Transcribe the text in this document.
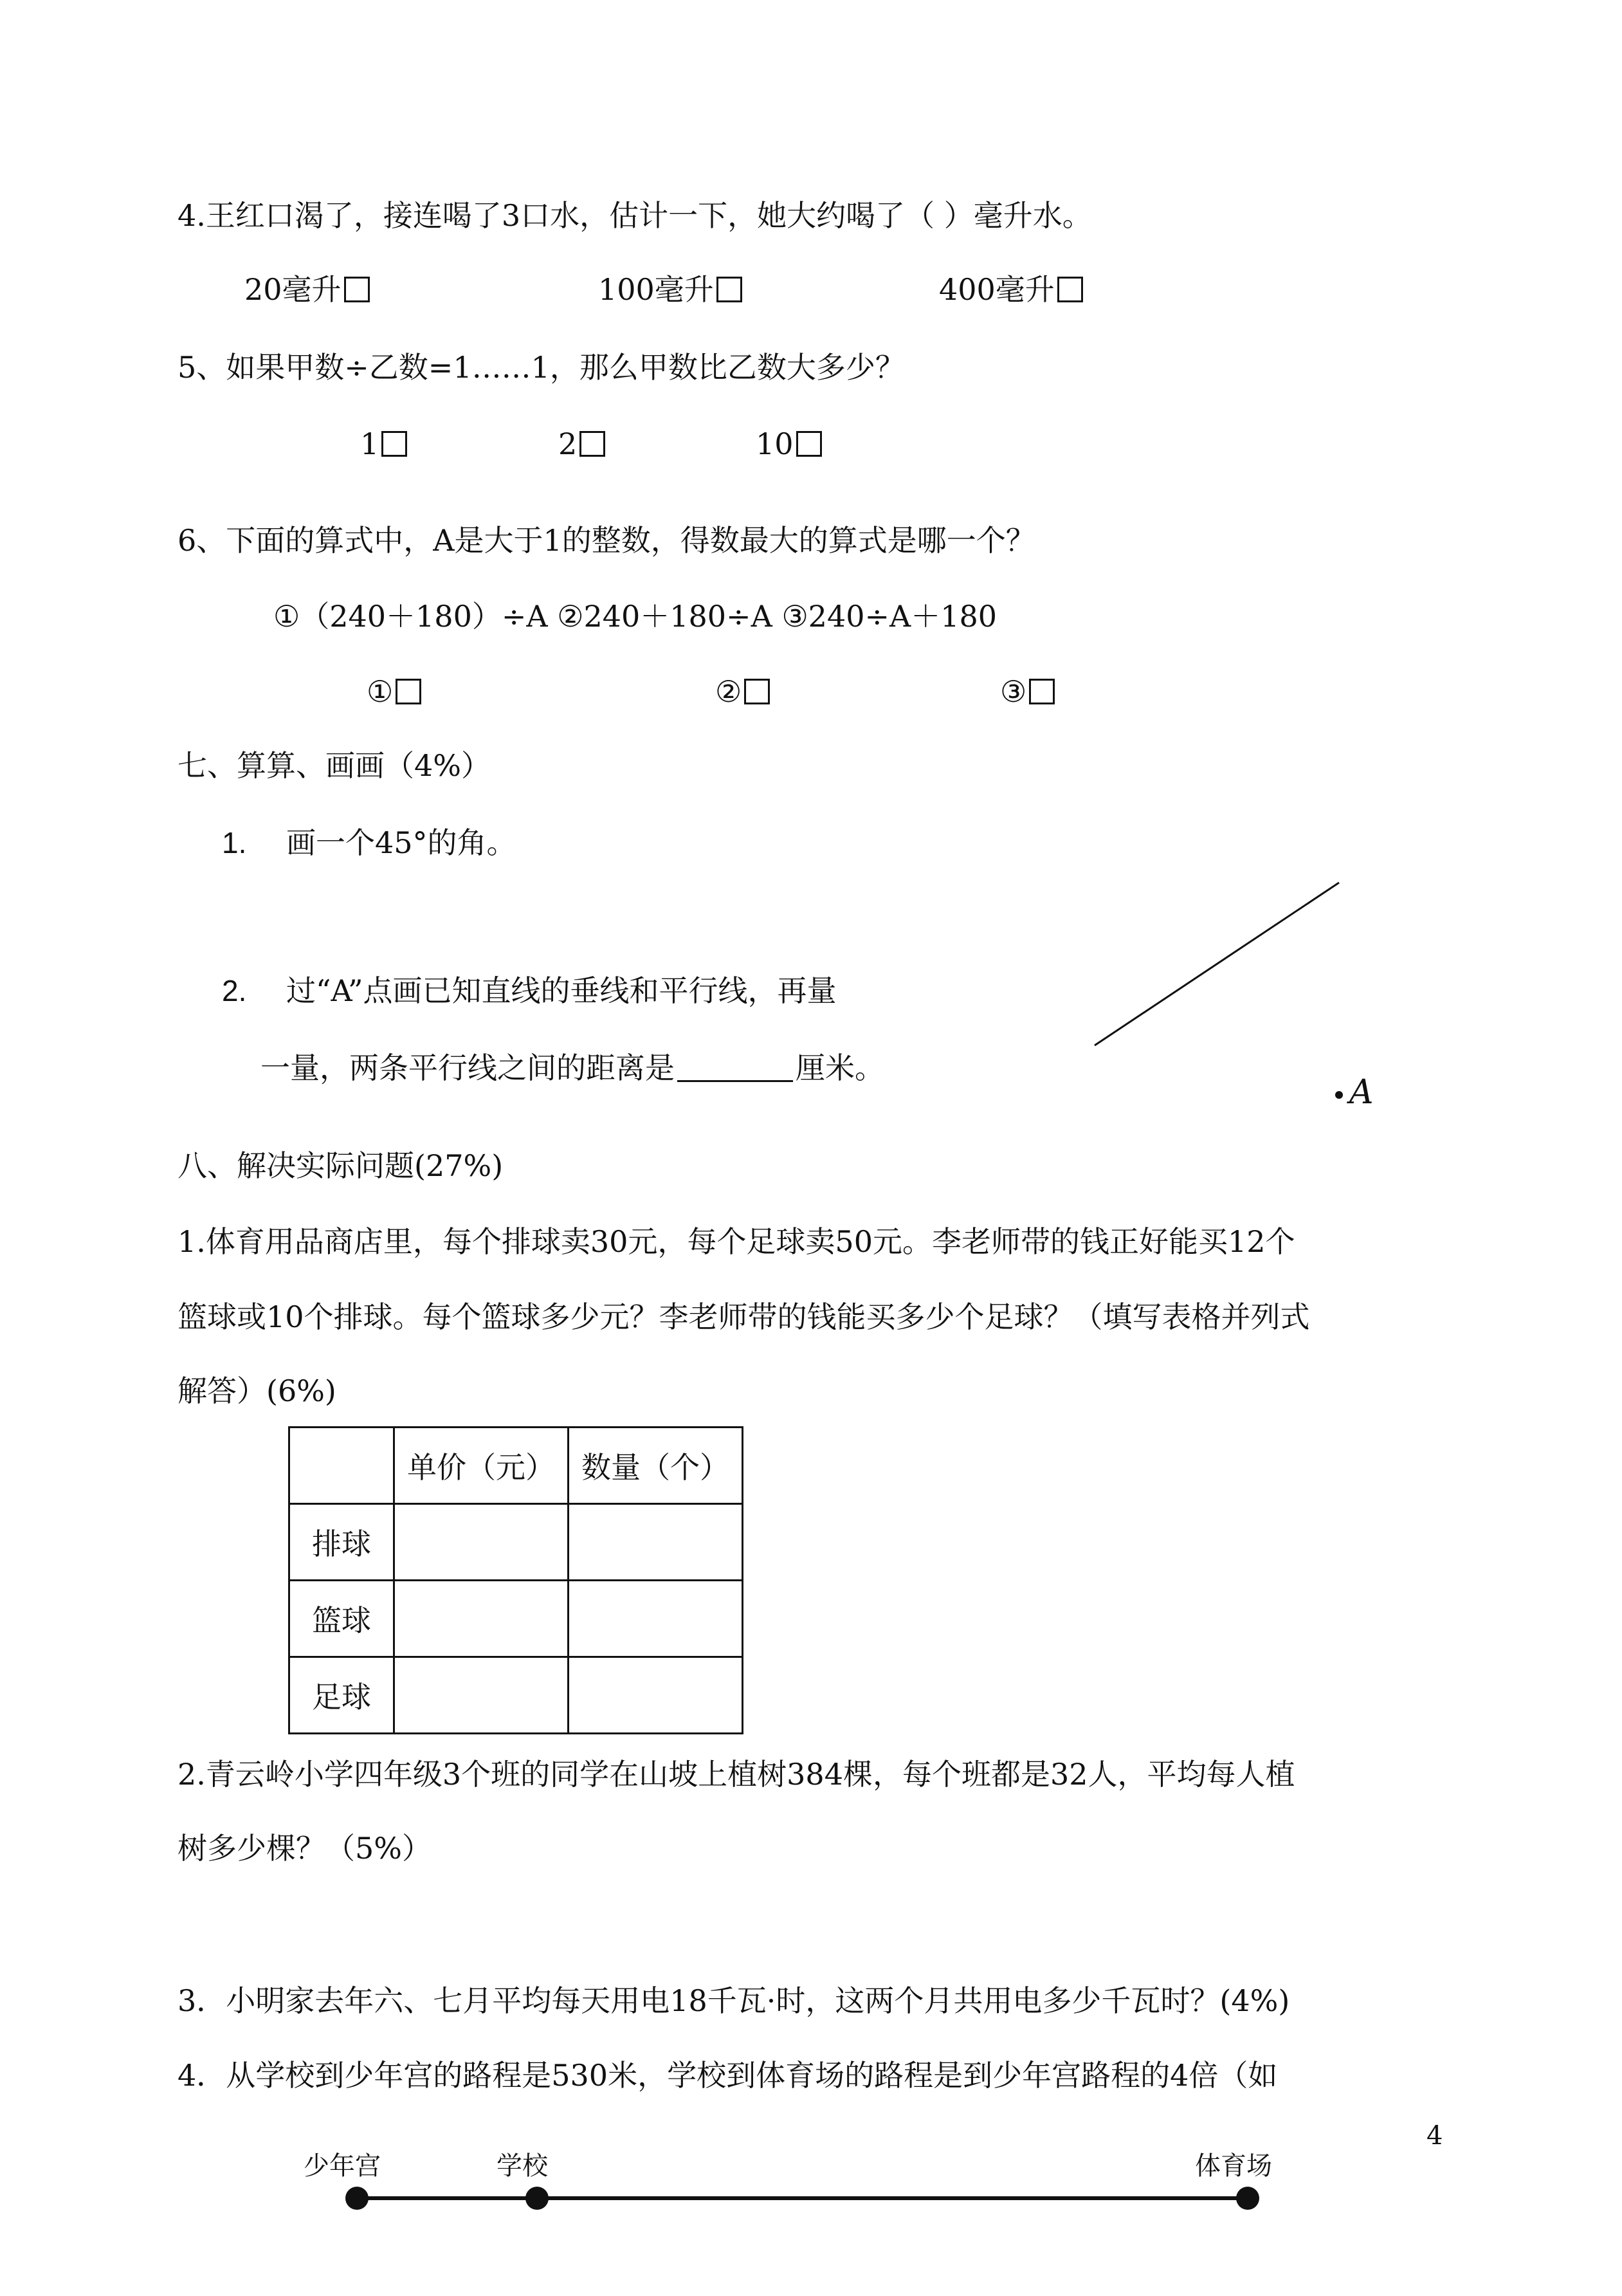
4.王红口渴了，接连喝了3口水，估计一下，她大约喝了（ ）毫升水。
20毫升	100毫升	400毫升
5、如果甲数÷乙数=1……1，那么甲数比乙数大多少？
1	2	10
6、下面的算式中，A是大于1的整数，得数最大的算式是哪一个？
①（240＋180）÷A ②240＋180÷A ③240÷A＋180
①	②	③
七、算算、画画（4%）
1. 画一个45°的角。
2. 过“A”点画已知直线的垂线和平行线，再量
一量，两条平行线之间的距离是	厘米。
A
八、解决实际问题(27%)
1.体育用品商店里，每个排球卖30元，每个足球卖50元。李老师带的钱正好能买12个
篮球或10个排球。每个篮球多少元？李老师带的钱能买多少个足球？（填写表格并列式
解答）(6%)
	单价（元）	数量（个）
排球		
篮球		
足球		
2.青云岭小学四年级3个班的同学在山坡上植树384棵，每个班都是32人，平均每人植
树多少棵？（5%）
3．小明家去年六、七月平均每天用电18千瓦·时，这两个月共用电多少千瓦时？(4%)
4．从学校到少年宫的路程是530米，学校到体育场的路程是到少年宫路程的4倍（如
4
少年宫	学校	体育场
